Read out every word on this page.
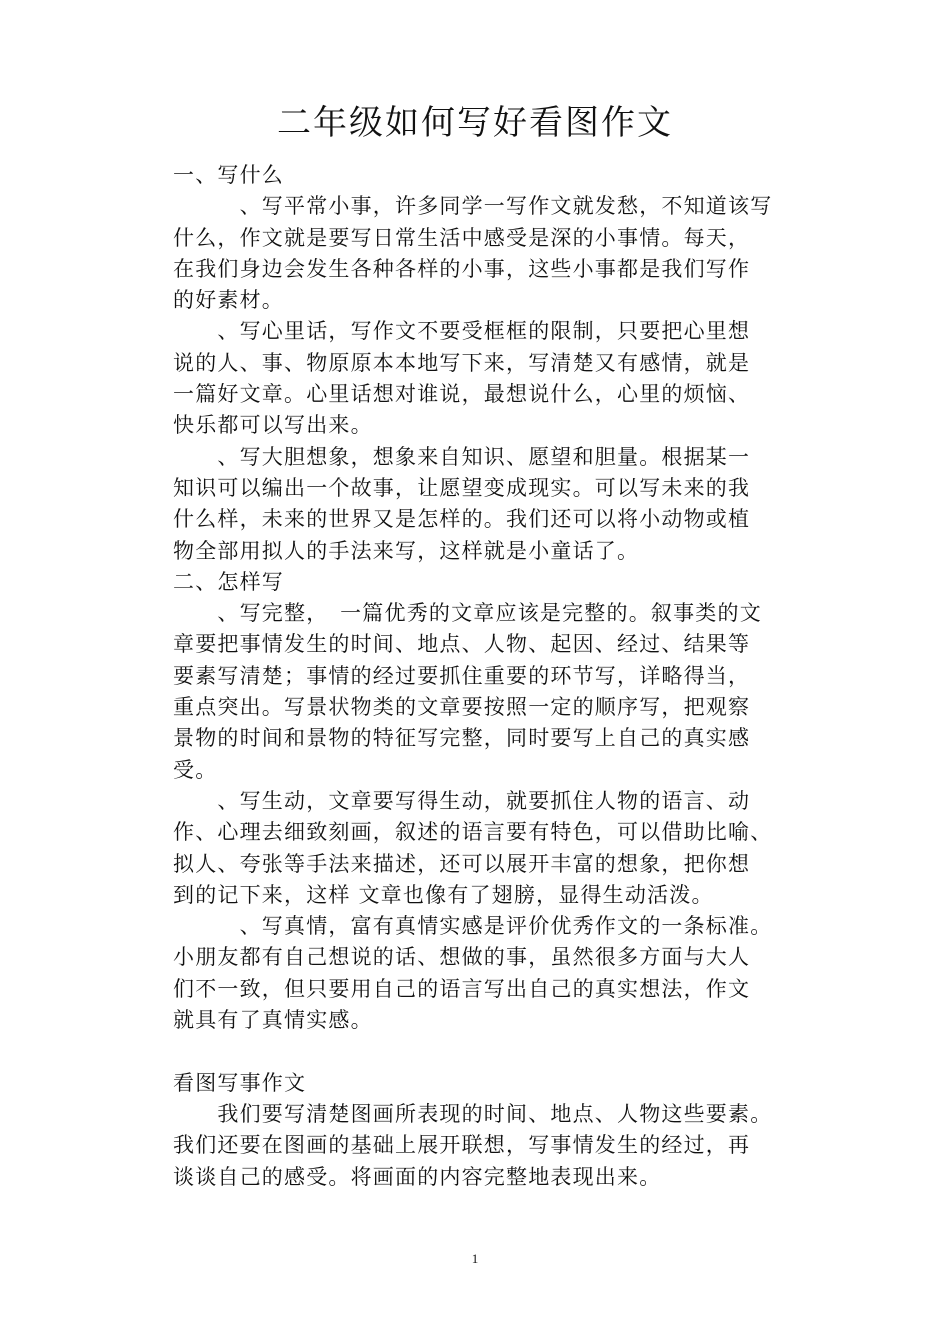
二年级如何写好看图作文

一、写什么

　　　、写平常小事，许多同学一写作文就发愁，不知道该写

什么，作文就是要写日常生活中感受是深的小事情。每天，

在我们身边会发生各种各样的小事，这些小事都是我们写作

的好素材。

　　、写心里话，写作文不要受框框的限制，只要把心里想

说的人、事、物原原本本地写下来，写清楚又有感情，就是

一篇好文章。心里话想对谁说，最想说什么，心里的烦恼、

快乐都可以写出来。

　　、写大胆想象，想象来自知识、愿望和胆量。根据某一

知识可以编出一个故事，让愿望变成现实。可以写未来的我

什么样，未来的世界又是怎样的。我们还可以将小动物或植

物全部用拟人的手法来写，这样就是小童话了。

二、怎样写

　　、写完整，　一篇优秀的文章应该是完整的。叙事类的文

章要把事情发生的时间、地点、人物、起因、经过、结果等

要素写清楚；事情的经过要抓住重要的环节写，详略得当，

重点突出。写景状物类的文章要按照一定的顺序写，把观察

景物的时间和景物的特征写完整，同时要写上自己的真实感

受。

　　、写生动，文章要写得生动，就要抓住人物的语言、动

作、心理去细致刻画，叙述的语言要有特色，可以借助比喻、

拟人、夸张等手法来描述，还可以展开丰富的想象，把你想

到的记下来，这样 文章也像有了翅膀，显得生动活泼。

　　　、写真情，富有真情实感是评价优秀作文的一条标准。

小朋友都有自己想说的话、想做的事，虽然很多方面与大人

们不一致，但只要用自己的语言写出自己的真实想法，作文

就具有了真情实感。

看图写事作文

　　我们要写清楚图画所表现的时间、地点、人物这些要素。

我们还要在图画的基础上展开联想，写事情发生的经过，再

谈谈自己的感受。将画面的内容完整地表现出来。

1
